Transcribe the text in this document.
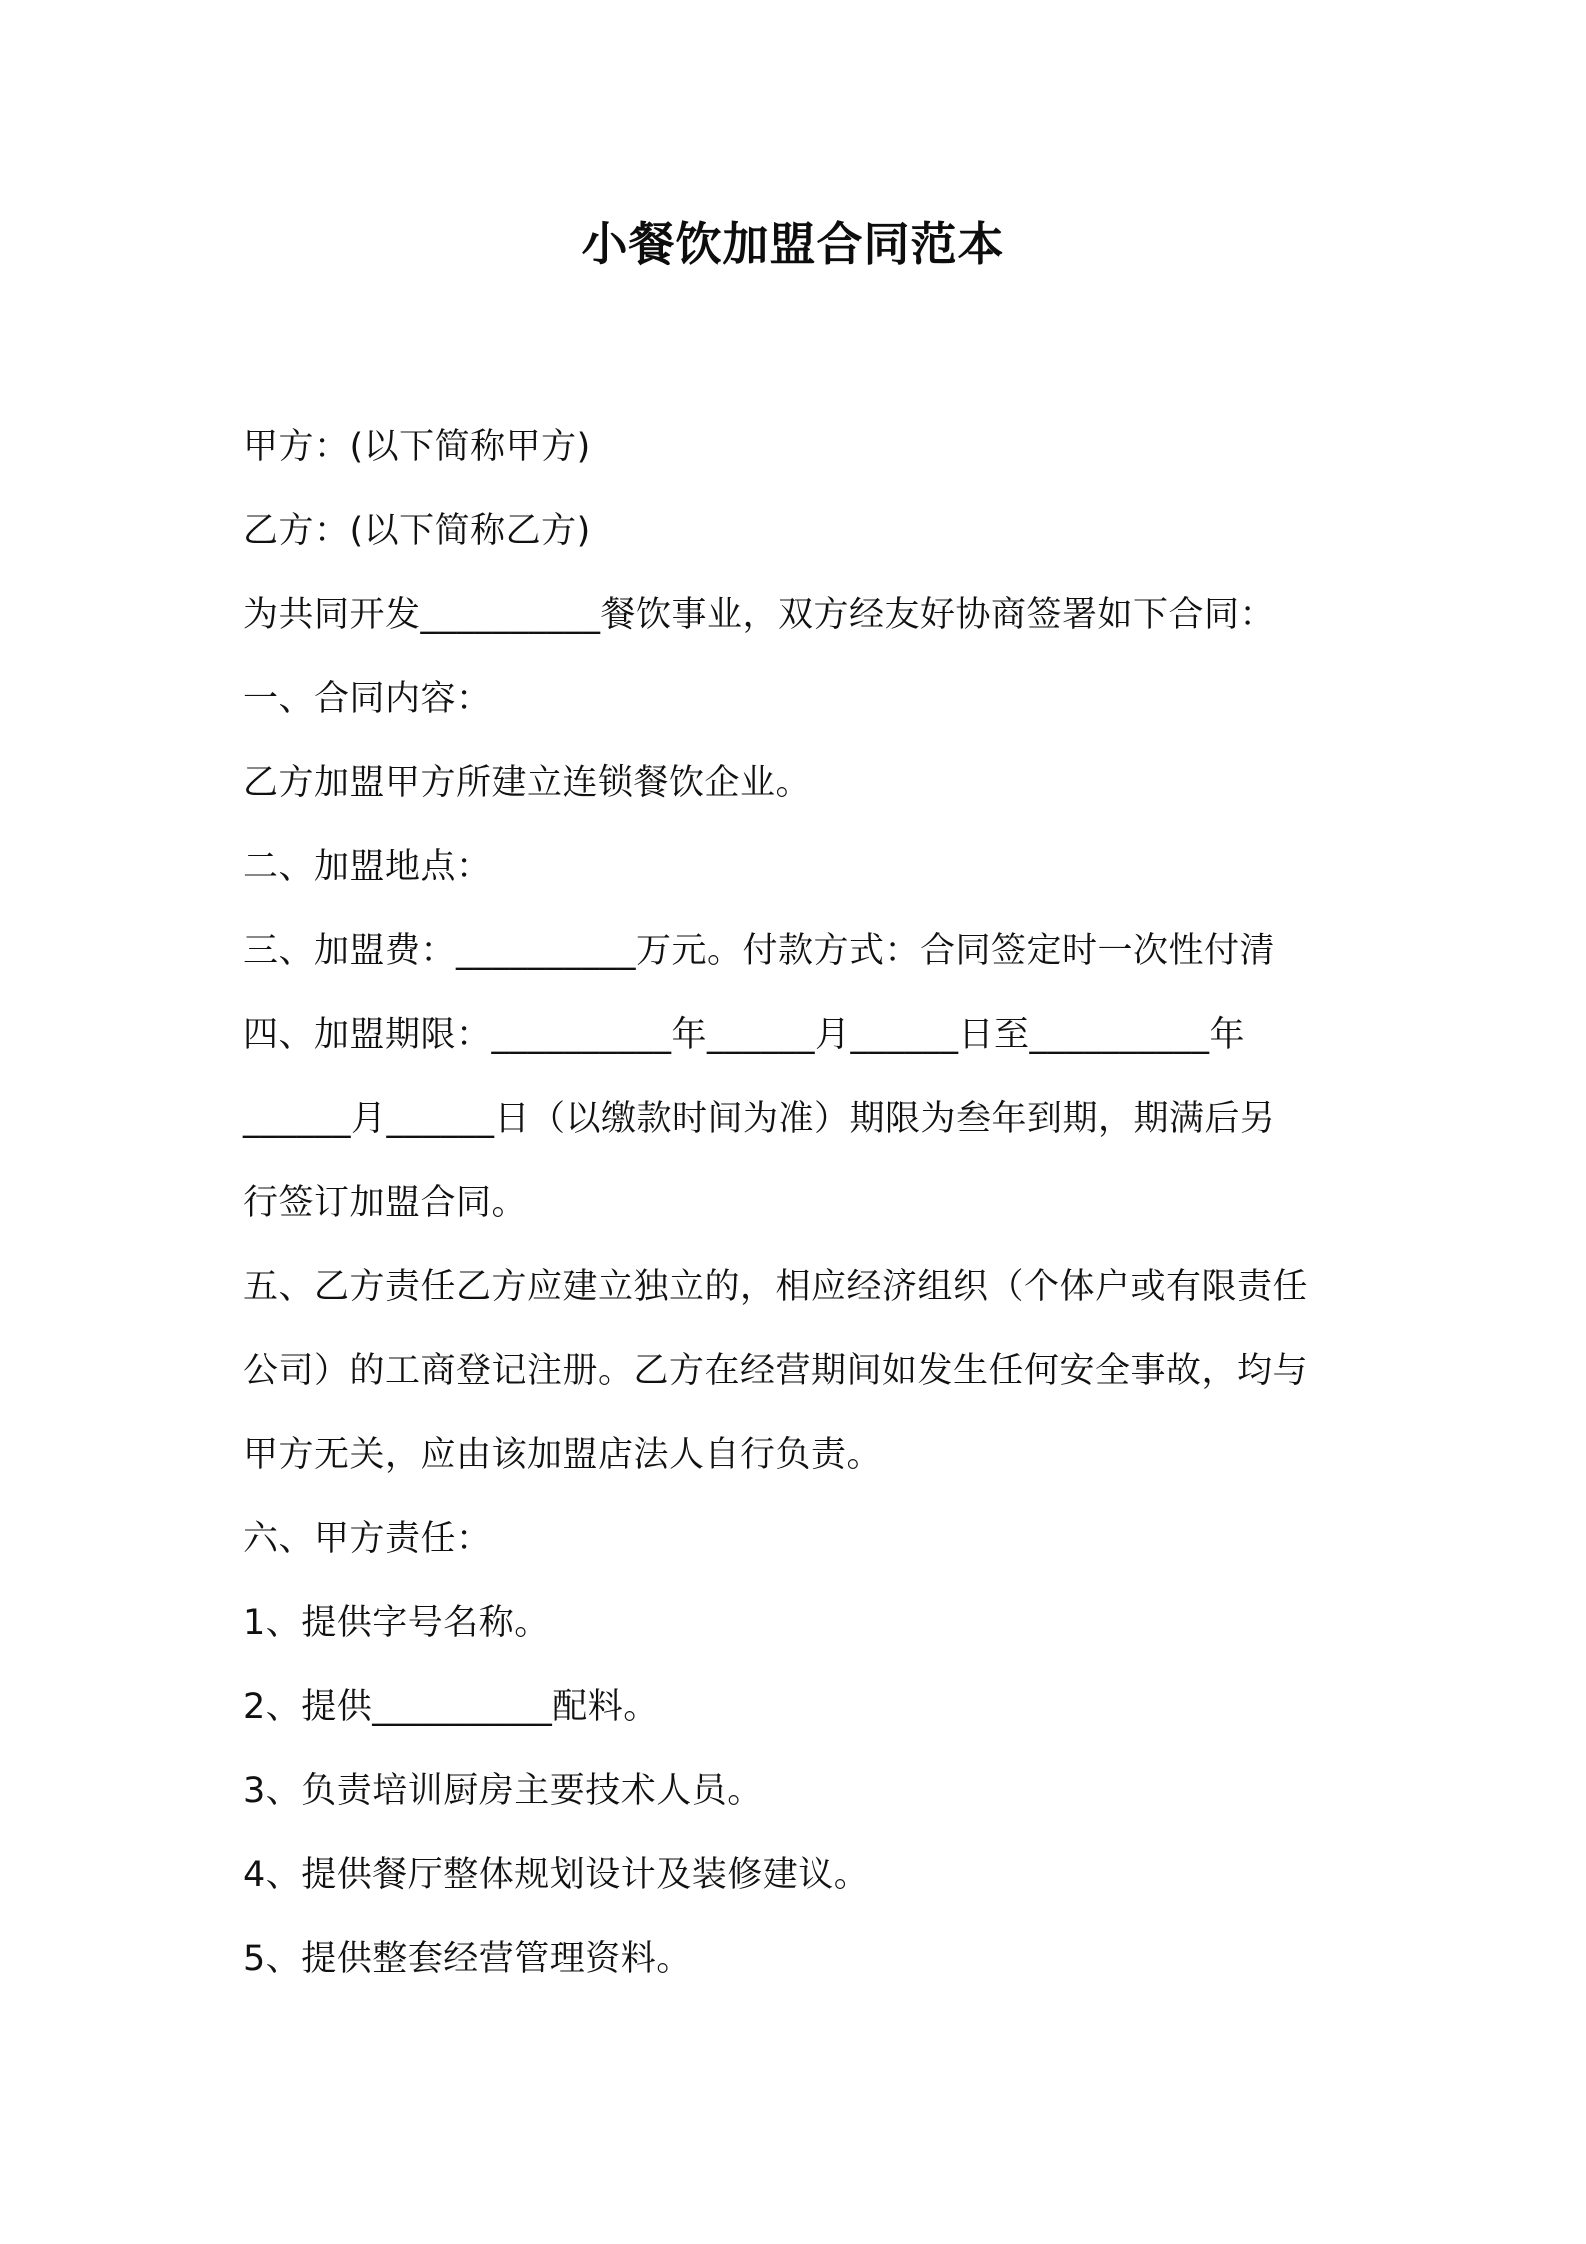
小餐饮加盟合同范本
甲方：(以下简称甲方)
乙方：(以下简称乙方)
为共同开发__________餐饮事业，双方经友好协商签署如下合同：
一、合同内容：
乙方加盟甲方所建立连锁餐饮企业。
二、加盟地点：
三、加盟费：__________万元。付款方式：合同签定时一次性付清
四、加盟期限：__________年______月______日至__________年
______月______日（以缴款时间为准）期限为叁年到期，期满后另
行签订加盟合同。
五、乙方责任乙方应建立独立的，相应经济组织（个体户或有限责任
公司）的工商登记注册。乙方在经营期间如发生任何安全事故，均与
甲方无关，应由该加盟店法人自行负责。
六、甲方责任：
1、提供字号名称。
2、提供__________配料。
3、负责培训厨房主要技术人员。
4、提供餐厅整体规划设计及装修建议。
5、提供整套经营管理资料。
